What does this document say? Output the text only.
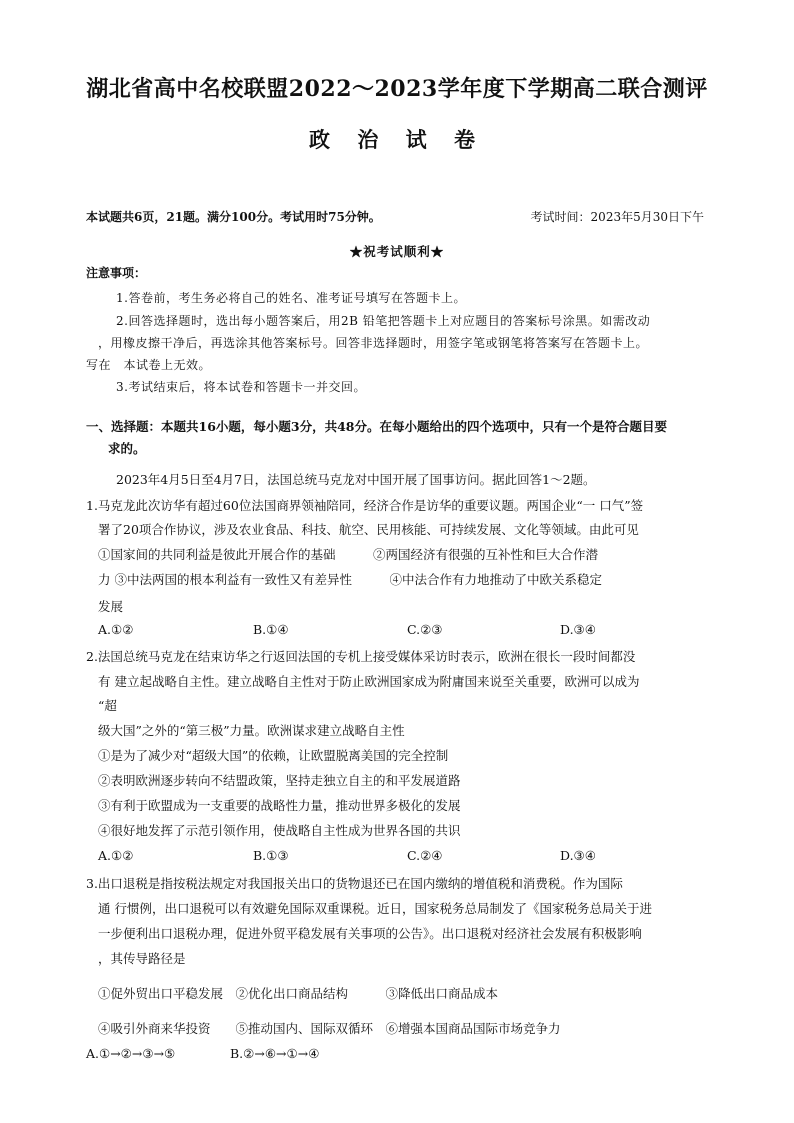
湖北省高中名校联盟2022～2023学年度下学期高二联合测评
政 治 试 卷
本试题共6页，21题。满分100分。考试用时75分钟。	考试时间：2023年5月30日下午
★祝考试顺利★
注意事项：
1.答卷前，考生务必将自己的姓名、准考证号填写在答题卡上。
2.回答选择题时，选出每小题答案后，用2B 铅笔把答题卡上对应题目的答案标号涂黑。如需改动
，用橡皮擦干净后，再选涂其他答案标号。回答非选择题时，用签字笔或钢笔将答案写在答题卡上。
写在　本试卷上无效。
3.考试结束后，将本试卷和答题卡一并交回。
一、选择题：本题共16小题，每小题3分，共48分。在每小题给出的四个选项中，只有一个是符合题目要
求的。
2023年4月5日至4月7日，法国总统马克龙对中国开展了国事访问。据此回答1～2题。
1.马克龙此次访华有超过60位法国商界领袖陪同，经济合作是访华的重要议题。两国企业“一 口气”签
署了20项合作协议，涉及农业食品、科技、航空、民用核能、可持续发展、文化等领域。由此可见
①国家间的共同利益是彼此开展合作的基础　　　②两国经济有很强的互补性和巨大合作潜
力 ③中法两国的根本利益有一致性又有差异性　　　④中法合作有力地推动了中欧关系稳定
发展
A.①②	B.①④	C.②③	D.③④
2.法国总统马克龙在结束访华之行返回法国的专机上接受媒体采访时表示，欧洲在很长一段时间都没
有 建立起战略自主性。建立战略自主性对于防止欧洲国家成为附庸国来说至关重要，欧洲可以成为
“超
级大国”之外的“第三极”力量。欧洲谋求建立战略自主性
①是为了减少对“超级大国”的依赖，让欧盟脱离美国的完全控制
②表明欧洲逐步转向不结盟政策，坚持走独立自主的和平发展道路
③有利于欧盟成为一支重要的战略性力量，推动世界多极化的发展
④很好地发挥了示范引领作用，使战略自主性成为世界各国的共识
A.①②	B.①③	C.②④	D.③④
3.出口退税是指按税法规定对我国报关出口的货物退还已在国内缴纳的增值税和消费税。作为国际
通 行惯例，出口退税可以有效避免国际双重课税。近日，国家税务总局制发了《国家税务总局关于进
一步便利出口退税办理，促进外贸平稳发展有关事项的公告》。出口退税对经济社会发展有积极影响
，其传导路径是
①促外贸出口平稳发展　②优化出口商品结构　　　③降低出口商品成本
④吸引外商来华投资　　⑤推动国内、国际双循环　⑥增强本国商品国际市场竞争力
A.①→②→③→⑤	B.②→⑥→①→④
